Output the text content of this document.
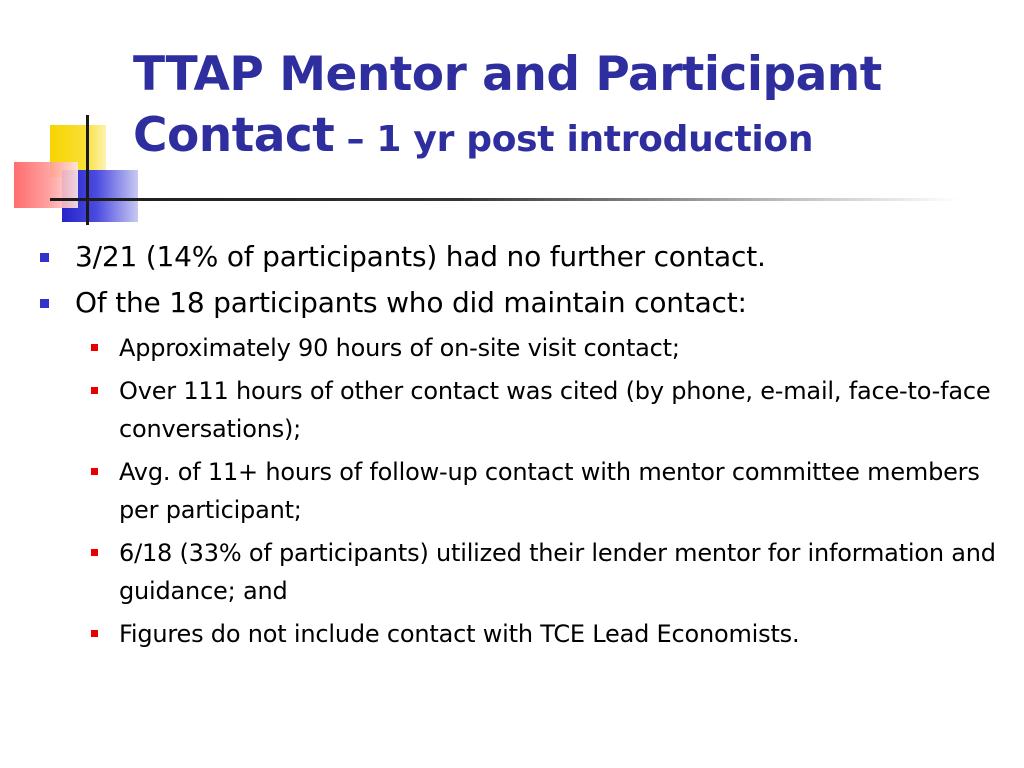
TTAP Mentor and Participant
Contact – 1 yr post introduction
3/21 (14% of participants) had no further contact.
Of the 18 participants who did maintain contact:
Approximately 90 hours of on-site visit contact;
Over 111 hours of other contact was cited (by phone, e-mail, face-to-face conversations);
Avg. of 11+ hours of follow-up contact with mentor committee members per participant;
6/18 (33% of participants) utilized their lender mentor for information and guidance; and
Figures do not include contact with TCE Lead Economists.
